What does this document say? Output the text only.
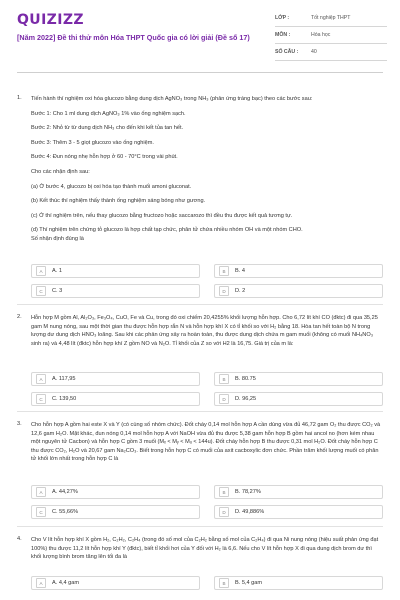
QUIZIZZ
[Năm 2022] Đề thi thử môn Hóa THPT Quốc gia có lời giải (Đề số 17)
LỚP :	Tốt nghiệp THPT
MÔN :	Hóa học
SỐ CÂU :	40
1. Tiến hành thí nghiệm oxi hóa glucozo bằng dung dịch AgNO₃ trong NH₃ (phản ứng tráng bạc) theo các bước sau:

Bước 1: Cho 1 ml dung dịch AgNO₃ 1% vào ống nghiệm sạch.

Bước 2: Nhỏ từ từ dung dịch NH₃ cho đến khi kết tủa tan hết.

Bước 3: Thêm 3 - 5 giọt glucozo vào ống nghiệm.

Bước 4: Đun nóng nhẹ hỗn hợp ở 60 - 70°C trong vài phút.

Cho các nhận định sau:

(a) Ở bước 4, glucozo bị oxi hóa tạo thành muối amoni gluconat.

(b) Kết thúc thí nghiệm thấy thành ống nghiệm sáng bóng như gương.

(c) Ở thí nghiệm trên, nếu thay glucozo bằng fructozo hoặc saccarozo thì đều thu được kết quả tương tự.

(d) Thí nghiệm trên chứng tỏ glucozo là hợp chất tạp chức, phân tử chứa nhiều nhóm OH và một nhóm CHO.
Số nhận định đúng là

A	A. 1	B	B. 4
C	C. 3	D	D. 2
2. Hỗn hợp M gồm Al, Al₂O₃, Fe₃O₄, CuO, Fe và Cu, trong đó oxi chiếm 20,4255% khối lượng hỗn hợp. Cho 6,72 lít khí CO (đktc) đi qua 35,25 gam M nung nóng, sau một thời gian thu được hỗn hợp rắn N và hỗn hợp khí X có tỉ khối so với H₂ bằng 18. Hòa tan hết toàn bộ N trong lượng dư dung dịch HNO₃ loãng. Sau khi các phản ứng xảy ra hoàn toàn, thu được dung dịch chứa m gam muối (không có muối NH₄NO₃ sinh ra) và 4,48 lít (đktc) hỗn hợp khí Z gồm NO và N₂O. Tỉ khối của Z so với H2 là 16,75. Giá trị của m là:

A	A. 117,95	B	B. 80.75
C	C. 139,50	D	D. 96,25
3. Cho hỗn hợp A gồm hai este X và Y (có cùng số nhóm chức). Đốt cháy 0,14 mol hỗn hợp A cần dùng vừa đủ 46,72 gam O₂ thu được CO₂ và 12,6 gam H₂O. Mặt khác, đun nóng 0,14 mol hỗn hợp A với NaOH vừa đủ thu được 5,38 gam hỗn hợp B gồm hai ancol no (hơn kém nhau một nguyên tử Cacbon) và hỗn hợp C gồm 3 muối (Mₓ < Mᵧ < Mᵤ < 144u). Đốt cháy hỗn hợp B thu được 0,31 mol H₂O. Đốt cháy hỗn hợp C thu được CO₂, H₂O và 20,67 gam Na₂CO₃. Biết trong hỗn hợp C có muối của axit cacboxylic đơn chức. Phần trăm khối lượng muối có phân tử khối lớn nhất trong hỗn hợp C là

A	A. 44,27%	B	B. 78,27%
C	C. 55,66%	D	D. 49,886%
4. Cho V lít hỗn hợp khí X gồm H₂, C₂H₂, C₂H₄ (trong đó số mol của C₂H₂ bằng số mol của C₂H₄) đi qua Ni nung nóng (hiệu suất phản ứng đạt 100%) thu được 11,2 lít hỗn hợp khí Y (đktc), biết tỉ khối hơi của Y đối với H₂ là 6,6. Nếu cho V lít hỗn hợp X đi qua dung dịch brom dư thì khối lượng bình brom tăng lên tối đa là

A	A. 4,4 gam	B	B. 5,4 gam
